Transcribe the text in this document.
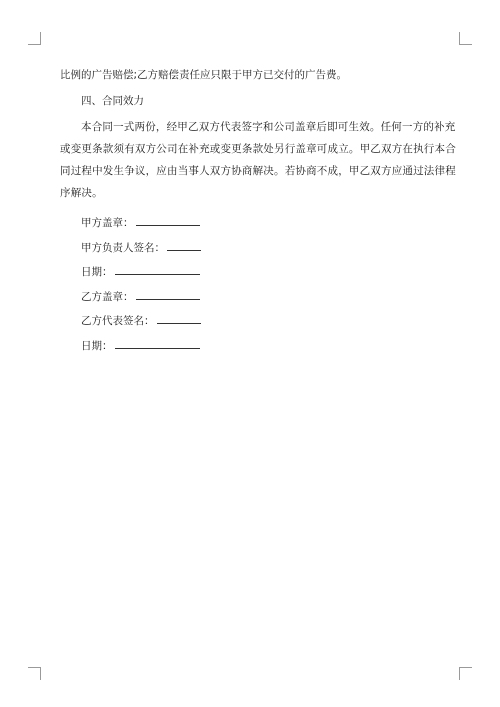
比例的广告赔偿;乙方赔偿责任应只限于甲方已交付的广告费。
四、合同效力
本合同一式两份，经甲乙双方代表签字和公司盖章后即可生效。任何一方的补充
或变更条款须有双方公司在补充或变更条款处另行盖章可成立。甲乙双方在执行本合
同过程中发生争议，应由当事人双方协商解决。若协商不成，甲乙双方应通过法律程
序解决。
甲方盖章：
甲方负责人签名：
日期：
乙方盖章：
乙方代表签名：
日期：
